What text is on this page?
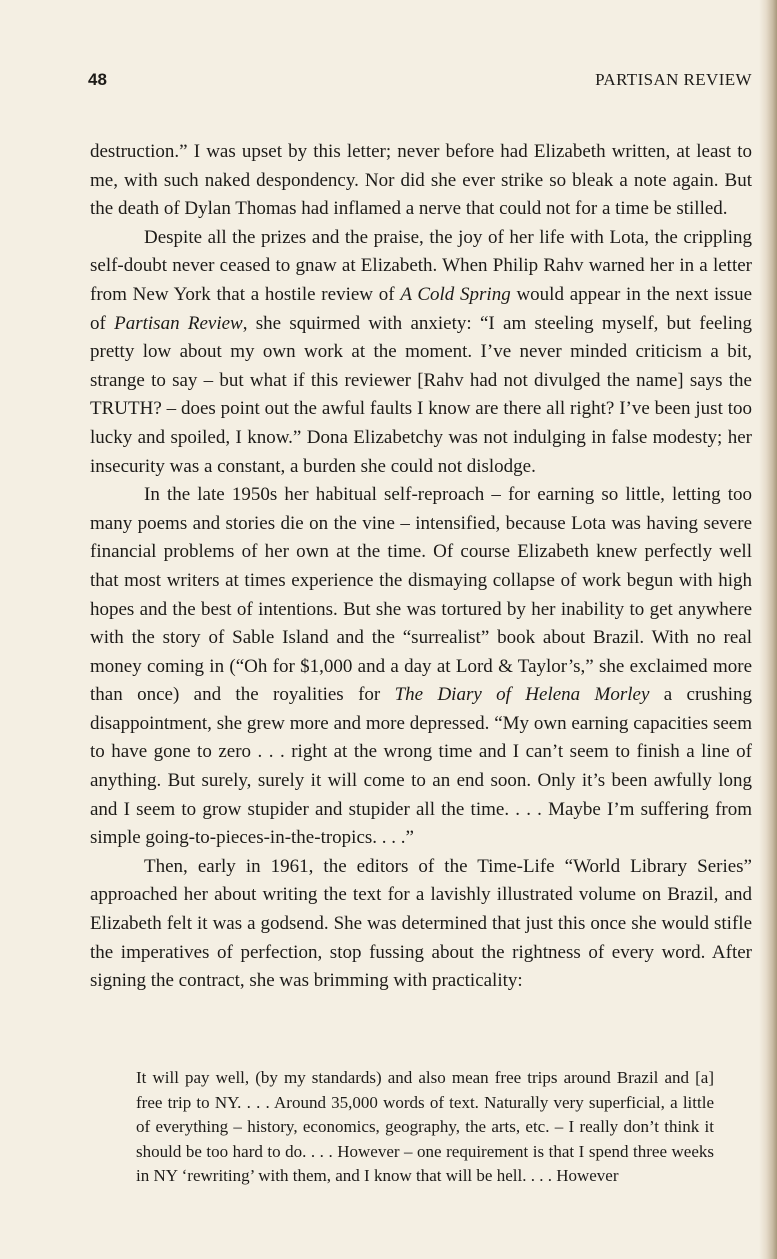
48	PARTISAN REVIEW

destruction.” I was upset by this letter; never before had Elizabeth written, at least to me, with such naked despondency. Nor did she ever strike so bleak a note again. But the death of Dylan Thomas had inflamed a nerve that could not for a time be stilled.

Despite all the prizes and the praise, the joy of her life with Lota, the crippling self-doubt never ceased to gnaw at Elizabeth. When Philip Rahv warned her in a letter from New York that a hostile review of A Cold Spring would appear in the next issue of Partisan Review, she squirmed with anxiety: “I am steeling myself, but feeling pretty low about my own work at the moment. I’ve never minded criticism a bit, strange to say – but what if this reviewer [Rahv had not divulged the name] says the TRUTH? – does point out the awful faults I know are there all right? I’ve been just too lucky and spoiled, I know.” Dona Elizabetchy was not indulging in false modesty; her insecurity was a constant, a burden she could not dislodge.

In the late 1950s her habitual self-reproach – for earning so little, letting too many poems and stories die on the vine – intensified, because Lota was having severe financial problems of her own at the time. Of course Elizabeth knew perfectly well that most writers at times experience the dismaying collapse of work begun with high hopes and the best of intentions. But she was tortured by her inability to get anywhere with the story of Sable Island and the “surrealist” book about Brazil. With no real money coming in (“Oh for $1,000 and a day at Lord & Taylor’s,” she exclaimed more than once) and the royalities for The Diary of Helena Morley a crushing disappointment, she grew more and more depressed. “My own earning capacities seem to have gone to zero . . . right at the wrong time and I can’t seem to finish a line of anything. But surely, surely it will come to an end soon. Only it’s been awfully long and I seem to grow stupider and stupider all the time. . . . Maybe I’m suffering from simple going-to-pieces-in-the-tropics. . . .”

Then, early in 1961, the editors of the Time-Life “World Library Series” approached her about writing the text for a lavishly illustrated volume on Brazil, and Elizabeth felt it was a godsend. She was determined that just this once she would stifle the imperatives of perfection, stop fussing about the rightness of every word. After signing the contract, she was brimming with practicality:

It will pay well, (by my standards) and also mean free trips around Brazil and [a] free trip to NY. . . . Around 35,000 words of text. Naturally very superficial, a little of everything – history, economics, geography, the arts, etc. – I really don’t think it should be too hard to do. . . . However – one requirement is that I spend three weeks in NY ‘rewriting’ with them, and I know that will be hell. . . . However
